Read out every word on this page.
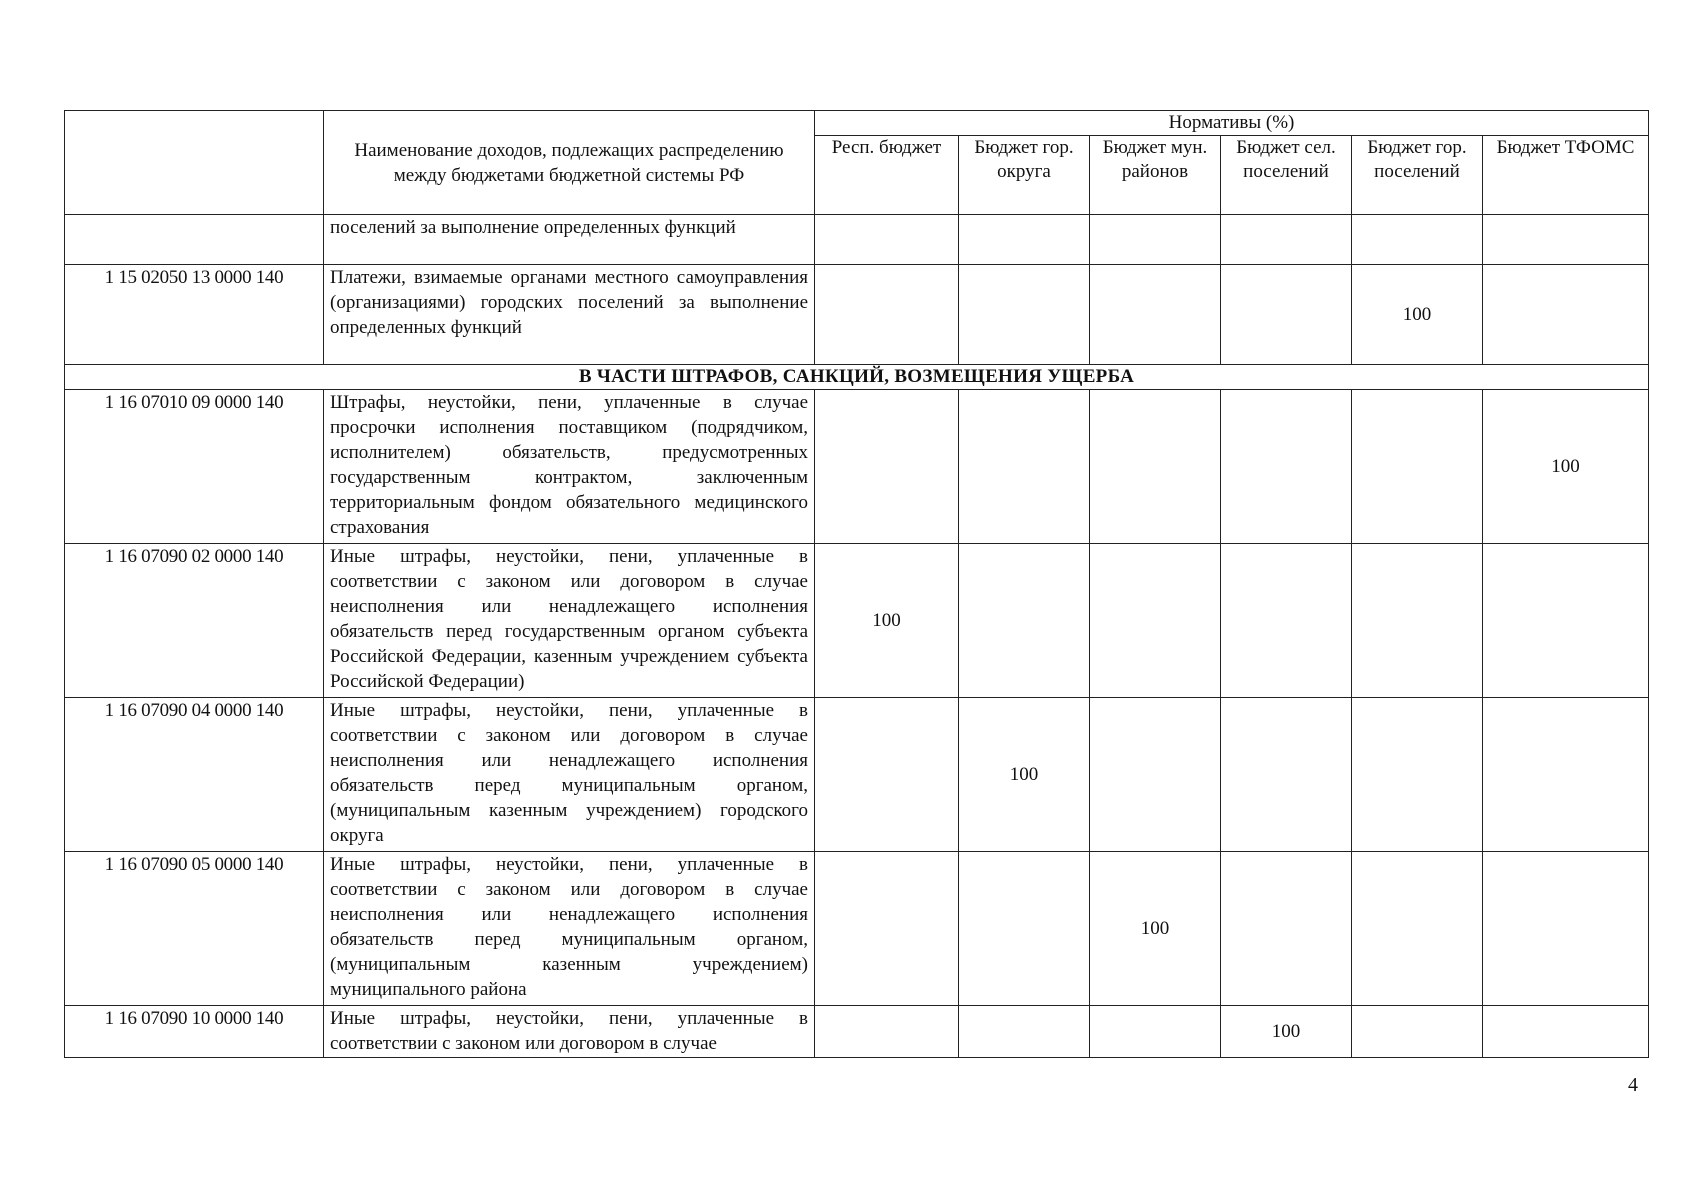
	Наименование доходов, подлежащих распределению между бюджетами бюджетной системы РФ	Нормативы (%)					
		Респ. бюджет	Бюджет гор. округа	Бюджет мун. районов	Бюджет сел. поселений	Бюджет гор. поселений	Бюджет ТФОМС
	поселений за выполнение определенных функций						
1 15 02050 13 0000 140	Платежи, взимаемые органами местного самоуправления (организациями) городских поселений за выполнение определенных функций					100	
В ЧАСТИ ШТРАФОВ, САНКЦИЙ, ВОЗМЕЩЕНИЯ УЩЕРБА							
1 16 07010 09 0000 140	Штрафы, неустойки, пени, уплаченные в случае просрочки исполнения поставщиком (подрядчиком, исполнителем) обязательств, предусмотренных государственным контрактом, заключенным территориальным фондом обязательного медицинского страхования						100
1 16 07090 02 0000 140	Иные штрафы, неустойки, пени, уплаченные в соответствии с законом или договором в случае неисполнения или ненадлежащего исполнения обязательств перед государственным органом субъекта Российской Федерации, казенным учреждением субъекта Российской Федерации)	100					
1 16 07090 04 0000 140	Иные штрафы, неустойки, пени, уплаченные в соответствии с законом или договором в случае неисполнения или ненадлежащего исполнения обязательств перед муниципальным органом, (муниципальным казенным учреждением) городского округа		100				
1 16 07090 05 0000 140	Иные штрафы, неустойки, пени, уплаченные в соответствии с законом или договором в случае неисполнения или ненадлежащего исполнения обязательств перед муниципальным органом, (муниципальным казенным учреждением) муниципального района			100			
1 16 07090 10 0000 140	Иные штрафы, неустойки, пени, уплаченные в соответствии с законом или договором в случае				100		
4
